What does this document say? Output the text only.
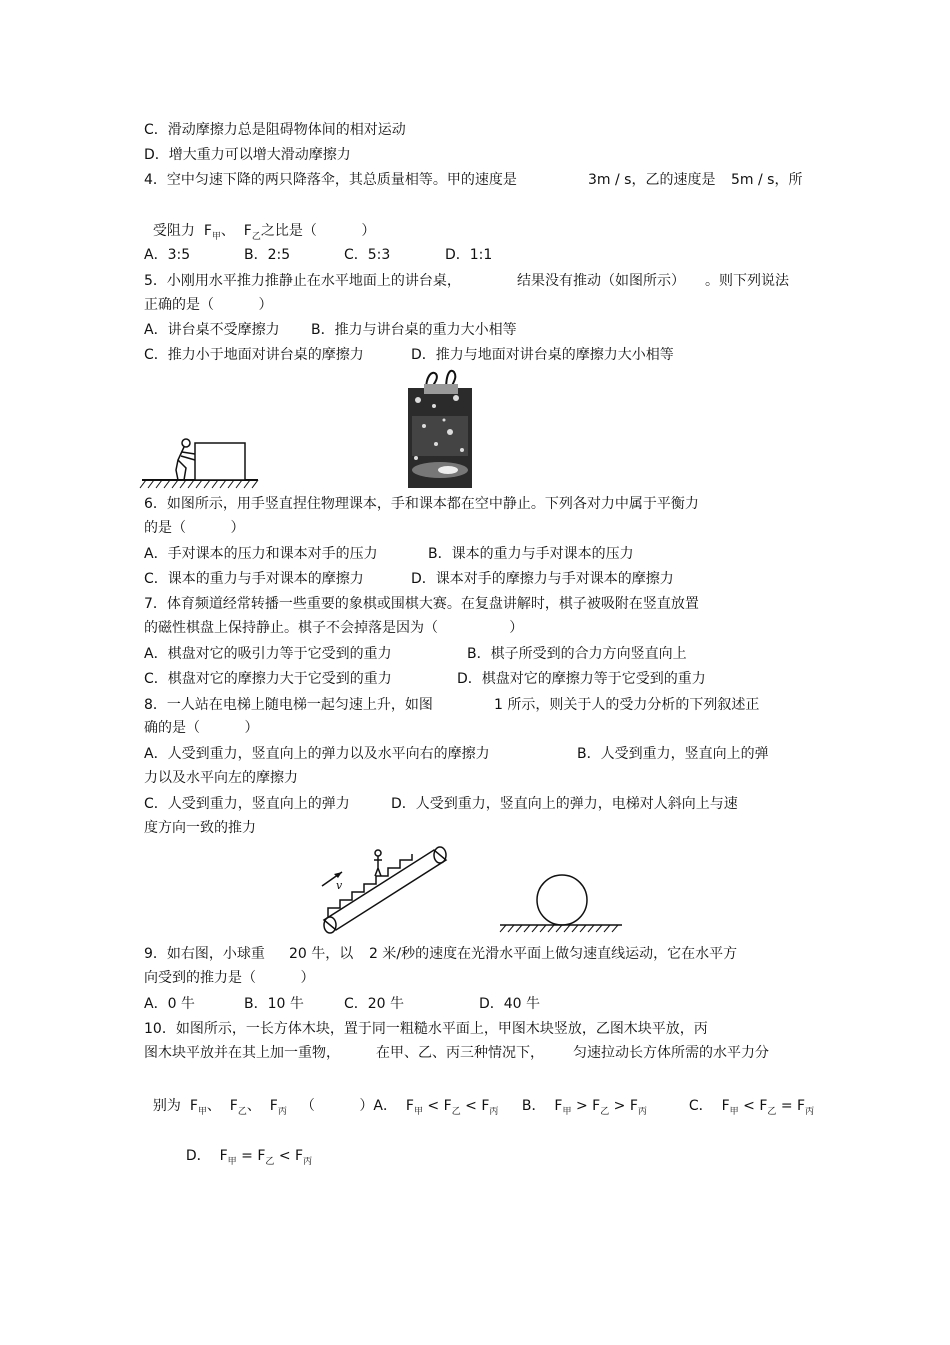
C．滑动摩擦力总是阻碍物体间的相对运动
D．增大重力可以增大滑动摩擦力
4．空中匀速下降的两只降落伞，其总质量相等。甲的速度是	3m / s，乙的速度是 5m / s，所

受阻力 $F_甲$、 $F_乙$之比是（          ）

A．3:5	B．2:5	C．5:3	D．1:1
5．小刚用水平推力推静止在水平地面上的讲台桌，	结果没有推动（如图所示） 。则下列说法
正确的是（          ）
A．讲台桌不受摩擦力 B．推力与讲台桌的重力大小相等
C．推力小于地面对讲台桌的摩擦力	D．推力与地面对讲台桌的摩擦力大小相等
6．如图所示，用手竖直捏住物理课本，手和课本都在空中静止。下列各对力中属于平衡力
的是（          ）
A．手对课本的压力和课本对手的压力	B．课本的重力与手对课本的压力
C．课本的重力与手对课本的摩擦力	D．课本对手的摩擦力与手对课本的摩擦力
7．体育频道经常转播一些重要的象棋或围棋大赛。在复盘讲解时，棋子被吸附在竖直放置
的磁性棋盘上保持静止。棋子不会掉落是因为（                ）
A．棋盘对它的吸引力等于它受到的重力	B．棋子所受到的合力方向竖直向上
C．棋盘对它的摩擦力大于它受到的重力	D．棋盘对它的摩擦力等于它受到的重力
8．一人站在电梯上随电梯一起匀速上升，如图	1 所示，则关于人的受力分析的下列叙述正
确的是（          ）
A．人受到重力，竖直向上的弹力以及水平向右的摩擦力	B．人受到重力，竖直向上的弹
力以及水平向左的摩擦力
C．人受到重力，竖直向上的弹力	D．人受到重力，竖直向上的弹力，电梯对人斜向上与速
度方向一致的推力
v
9．如右图，小球重 20 牛，以 2 米/秒的速度在光滑水平面上做匀速直线运动，它在水平方
向受到的推力是（          ）
A．0 牛	B．10 牛	C．20 牛	D．40 牛
10．如图所示，一长方体木块，置于同一粗糙水平面上，甲图木块竖放，乙图木块平放，丙
图木块平放并在其上加一重物，	在甲、乙、丙三种情况下， 匀速拉动长方体所需的水平力分

别为 $F_甲$、 $F_乙$、 $F_丙$	（          ）A． $F_甲 < F_乙 < F_丙$	B． $F_甲 > F_乙 > F_丙$	C． $F_甲 < F_乙 = F_丙$

D． $F_甲 = F_乙 < F_丙$
